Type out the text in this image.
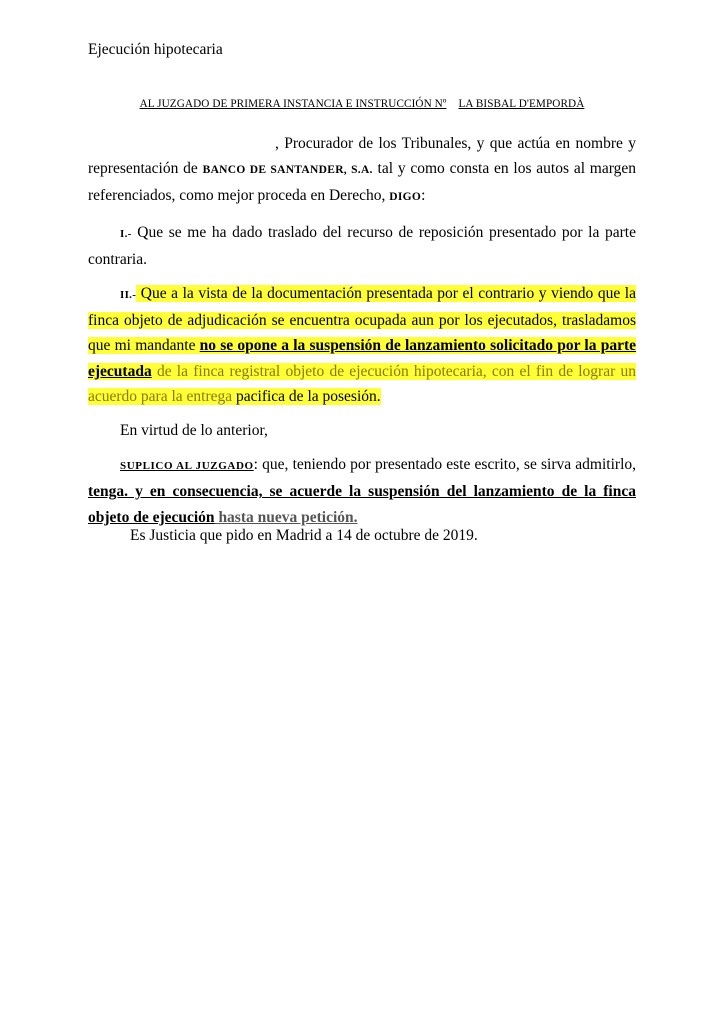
Ejecución hipotecaria
AL JUZGADO DE PRIMERA INSTANCIA E INSTRUCCIÓN Nº LA BISBAL D'EMPORDÀ

, Procurador de los Tribunales, y que actúa en nombre y representación de BANCO DE SANTANDER, S.A. tal y como consta en los autos al margen referenciados, como mejor proceda en Derecho, DIGO:

I.- Que se me ha dado traslado del recurso de reposición presentado por la parte contraria.

II.- Que a la vista de la documentación presentada por el contrario y viendo que la finca objeto de adjudicación se encuentra ocupada aun por los ejecutados, trasladamos que mi mandante no se opone a la suspensión de lanzamiento solicitado por la parte ejecutada de la finca registral objeto de ejecución hipotecaria, con el fin de lograr un acuerdo para la entrega pacifica de la posesión.

En virtud de lo anterior,

SUPLICO AL JUZGADO: que, teniendo por presentado este escrito, se sirva admitirlo, tenga. y en consecuencia, se acuerde la suspensión del lanzamiento de la finca objeto de ejecución hasta nueva petición.

Es Justicia que pido en Madrid a 14 de octubre de 2019.
